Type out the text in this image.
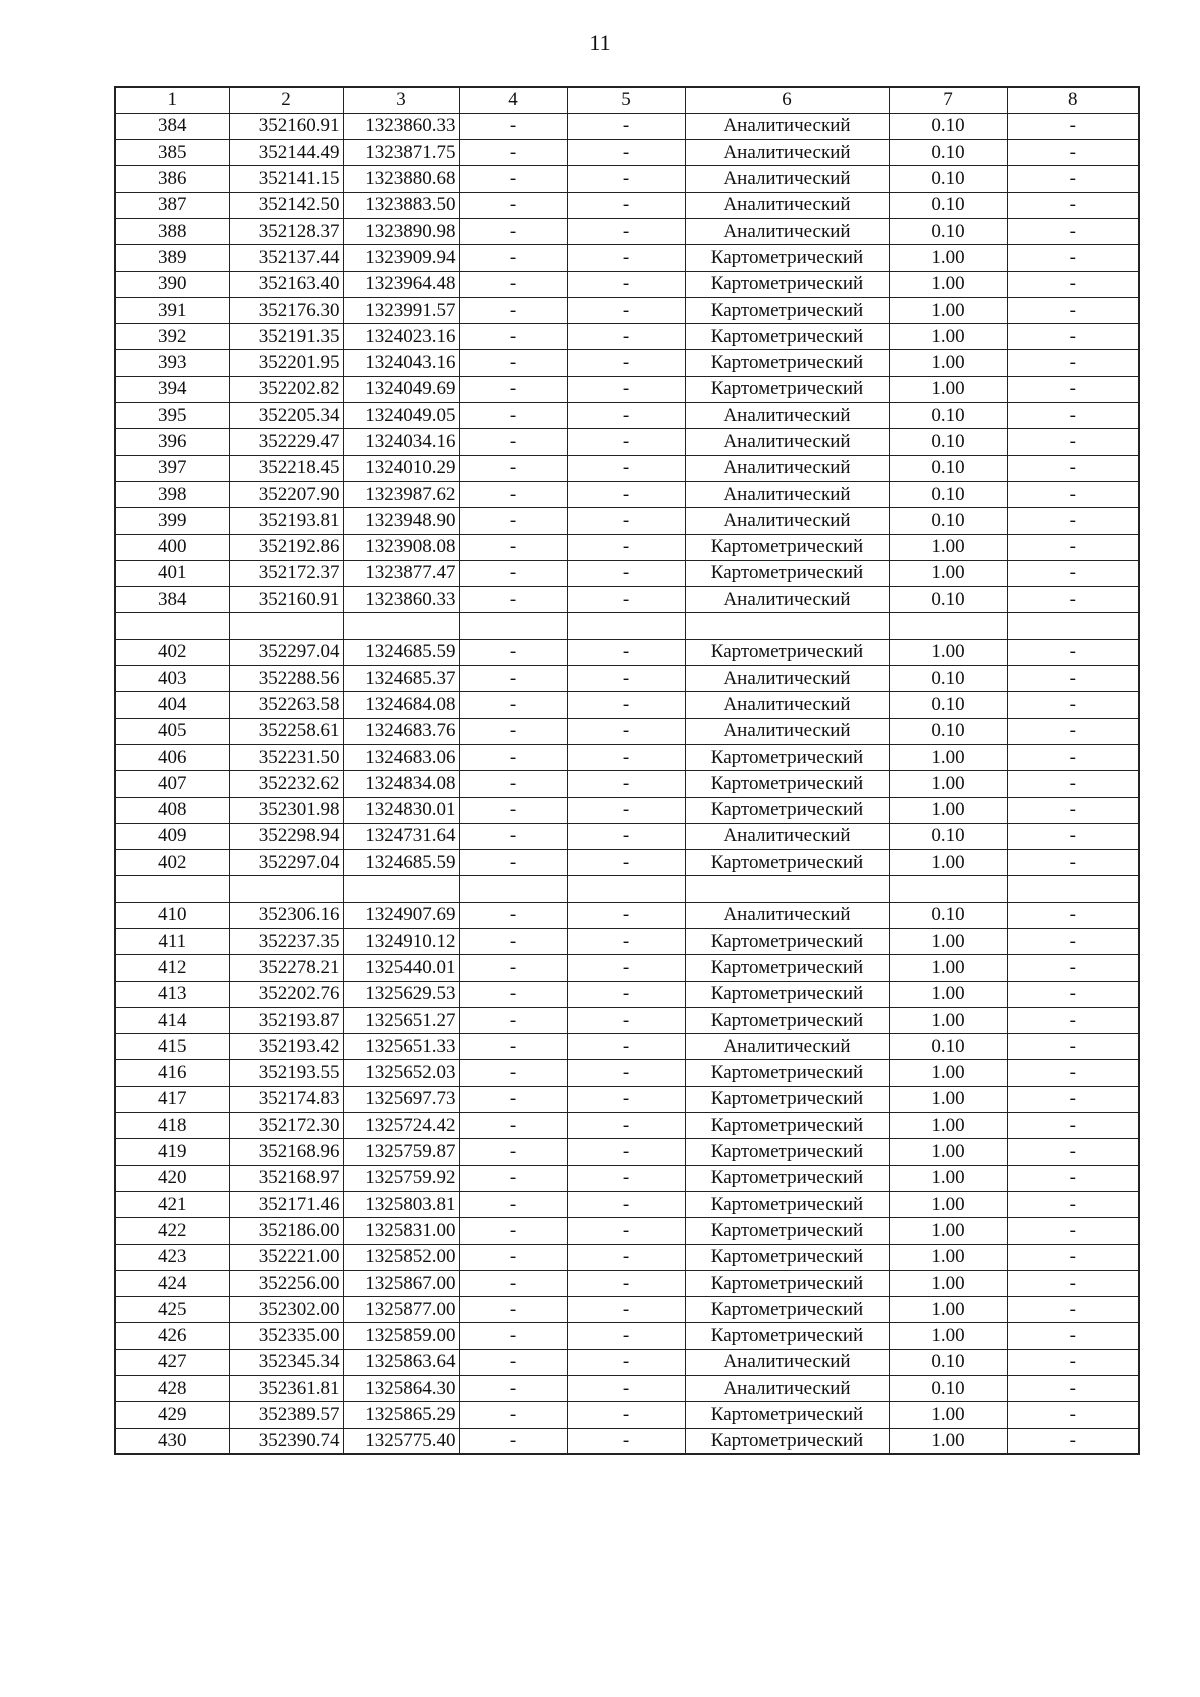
11
1	2	3	4	5	6	7	8
384	352160.91	1323860.33	-	-	Аналитический	0.10	-
385	352144.49	1323871.75	-	-	Аналитический	0.10	-
386	352141.15	1323880.68	-	-	Аналитический	0.10	-
387	352142.50	1323883.50	-	-	Аналитический	0.10	-
388	352128.37	1323890.98	-	-	Аналитический	0.10	-
389	352137.44	1323909.94	-	-	Картометрический	1.00	-
390	352163.40	1323964.48	-	-	Картометрический	1.00	-
391	352176.30	1323991.57	-	-	Картометрический	1.00	-
392	352191.35	1324023.16	-	-	Картометрический	1.00	-
393	352201.95	1324043.16	-	-	Картометрический	1.00	-
394	352202.82	1324049.69	-	-	Картометрический	1.00	-
395	352205.34	1324049.05	-	-	Аналитический	0.10	-
396	352229.47	1324034.16	-	-	Аналитический	0.10	-
397	352218.45	1324010.29	-	-	Аналитический	0.10	-
398	352207.90	1323987.62	-	-	Аналитический	0.10	-
399	352193.81	1323948.90	-	-	Аналитический	0.10	-
400	352192.86	1323908.08	-	-	Картометрический	1.00	-
401	352172.37	1323877.47	-	-	Картометрический	1.00	-
384	352160.91	1323860.33	-	-	Аналитический	0.10	-

402	352297.04	1324685.59	-	-	Картометрический	1.00	-
403	352288.56	1324685.37	-	-	Аналитический	0.10	-
404	352263.58	1324684.08	-	-	Аналитический	0.10	-
405	352258.61	1324683.76	-	-	Аналитический	0.10	-
406	352231.50	1324683.06	-	-	Картометрический	1.00	-
407	352232.62	1324834.08	-	-	Картометрический	1.00	-
408	352301.98	1324830.01	-	-	Картометрический	1.00	-
409	352298.94	1324731.64	-	-	Аналитический	0.10	-
402	352297.04	1324685.59	-	-	Картометрический	1.00	-

410	352306.16	1324907.69	-	-	Аналитический	0.10	-
411	352237.35	1324910.12	-	-	Картометрический	1.00	-
412	352278.21	1325440.01	-	-	Картометрический	1.00	-
413	352202.76	1325629.53	-	-	Картометрический	1.00	-
414	352193.87	1325651.27	-	-	Картометрический	1.00	-
415	352193.42	1325651.33	-	-	Аналитический	0.10	-
416	352193.55	1325652.03	-	-	Картометрический	1.00	-
417	352174.83	1325697.73	-	-	Картометрический	1.00	-
418	352172.30	1325724.42	-	-	Картометрический	1.00	-
419	352168.96	1325759.87	-	-	Картометрический	1.00	-
420	352168.97	1325759.92	-	-	Картометрический	1.00	-
421	352171.46	1325803.81	-	-	Картометрический	1.00	-
422	352186.00	1325831.00	-	-	Картометрический	1.00	-
423	352221.00	1325852.00	-	-	Картометрический	1.00	-
424	352256.00	1325867.00	-	-	Картометрический	1.00	-
425	352302.00	1325877.00	-	-	Картометрический	1.00	-
426	352335.00	1325859.00	-	-	Картометрический	1.00	-
427	352345.34	1325863.64	-	-	Аналитический	0.10	-
428	352361.81	1325864.30	-	-	Аналитический	0.10	-
429	352389.57	1325865.29	-	-	Картометрический	1.00	-
430	352390.74	1325775.40	-	-	Картометрический	1.00	-
